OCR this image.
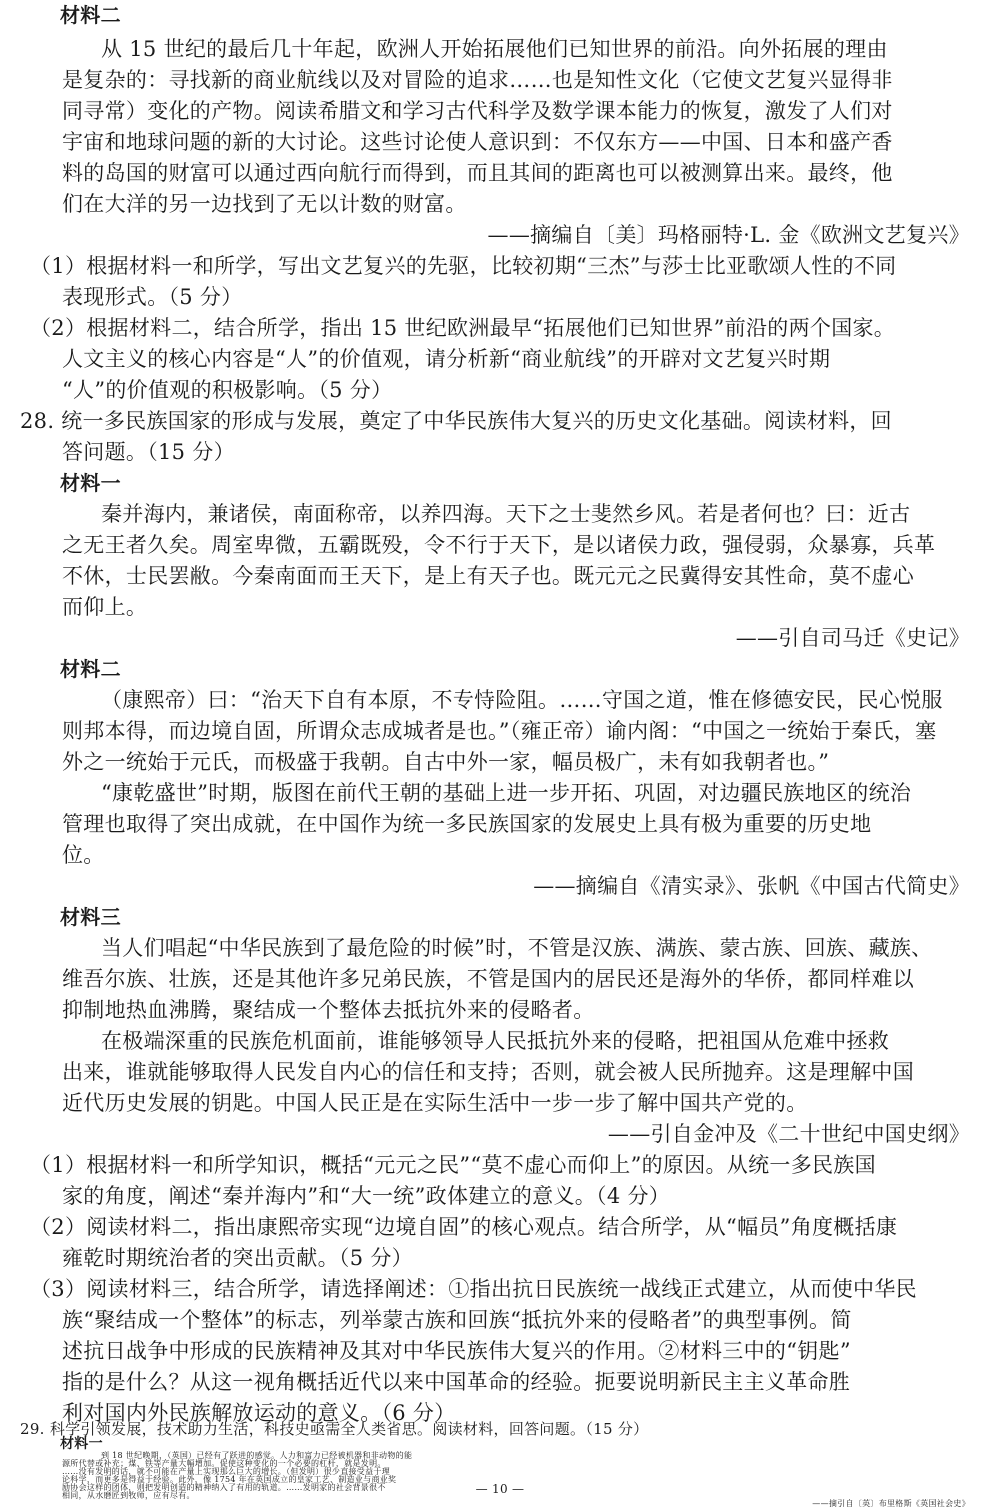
材料二
从 15 世纪的最后几十年起，欧洲人开始拓展他们已知世界的前沿。向外拓展的理由
是复杂的：寻找新的商业航线以及对冒险的追求……也是知性文化（它使文艺复兴显得非
同寻常）变化的产物。阅读希腊文和学习古代科学及数学课本能力的恢复，激发了人们对
宇宙和地球问题的新的大讨论。这些讨论使人意识到：不仅东方——中国、日本和盛产香
料的岛国的财富可以通过西向航行而得到，而且其间的距离也可以被测算出来。最终，他
们在大洋的另一边找到了无以计数的财富。
——摘编自〔美〕玛格丽特·L. 金《欧洲文艺复兴》
（1）根据材料一和所学，写出文艺复兴的先驱，比较初期“三杰”与莎士比亚歌颂人性的不同
表现形式。（5 分）
（2）根据材料二，结合所学，指出 15 世纪欧洲最早“拓展他们已知世界”前沿的两个国家。
人文主义的核心内容是“人”的价值观，请分析新“商业航线”的开辟对文艺复兴时期
“人”的价值观的积极影响。（5 分）
28. 统一多民族国家的形成与发展，奠定了中华民族伟大复兴的历史文化基础。阅读材料，回
答问题。（15 分）
材料一
秦并海内，兼诸侯，南面称帝，以养四海。天下之士斐然乡风。若是者何也？曰：近古
之无王者久矣。周室卑微，五霸既殁，令不行于天下，是以诸侯力政，强侵弱，众暴寡，兵革
不休，士民罢敝。今秦南面而王天下，是上有天子也。既元元之民冀得安其性命，莫不虚心
而仰上。
——引自司马迁《史记》
材料二
（康熙帝）曰：“治天下自有本原，不专恃险阻。……守国之道，惟在修德安民，民心悦服
则邦本得，而边境自固，所谓众志成城者是也。”（雍正帝）谕内阁：“中国之一统始于秦氏，塞
外之一统始于元氏，而极盛于我朝。自古中外一家，幅员极广，未有如我朝者也。”
“康乾盛世”时期，版图在前代王朝的基础上进一步开拓、巩固，对边疆民族地区的统治
管理也取得了突出成就，在中国作为统一多民族国家的发展史上具有极为重要的历史地
位。
——摘编自《清实录》、张帆《中国古代简史》
材料三
当人们唱起“中华民族到了最危险的时候”时，不管是汉族、满族、蒙古族、回族、藏族、
维吾尔族、壮族，还是其他许多兄弟民族，不管是国内的居民还是海外的华侨，都同样难以
抑制地热血沸腾，聚结成一个整体去抵抗外来的侵略者。
在极端深重的民族危机面前，谁能够领导人民抵抗外来的侵略，把祖国从危难中拯救
出来，谁就能够取得人民发自内心的信任和支持；否则，就会被人民所抛弃。这是理解中国
近代历史发展的钥匙。中国人民正是在实际生活中一步一步了解中国共产党的。
——引自金冲及《二十世纪中国史纲》
（1）根据材料一和所学知识，概括“元元之民”“莫不虚心而仰上”的原因。从统一多民族国
家的角度，阐述“秦并海内”和“大一统”政体建立的意义。（4 分）
（2）阅读材料二，指出康熙帝实现“边境自固”的核心观点。结合所学，从“幅员”角度概括康
雍乾时期统治者的突出贡献。（5 分）
（3）阅读材料三，结合所学，请选择阐述：①指出抗日民族统一战线正式建立，从而使中华民
族“聚结成一个整体”的标志，列举蒙古族和回族“抵抗外来的侵略者”的典型事例。简
述抗日战争中形成的民族精神及其对中华民族伟大复兴的作用。②材料三中的“钥匙”
指的是什么？从这一视角概括近代以来中国革命的经验。扼要说明新民主主义革命胜
利对国内外民族解放运动的意义。（6 分）
29. 科学引领发展，技术助力生活，科技史亟需全人类省思。阅读材料，回答问题。（15 分）
材料一
到 18 世纪晚期，（英国）已经有了跃进的感觉。人力和富力已经被机器和非动物的能
源所代替或补充；煤、铁等产量大幅增加。促使这种变化的一个必要的杠杆，就是发明。
……没有发明的话，就不可能在产量上实现那么巨大的增长。（但发明）很少直接受益于理
论科学，而更多是得益于经验。此外，像 1754 年在英国成立的皇家工艺、制造业与商业奖
励协会这样的团体，则把发明创造的精神纳入了有用的轨道。……发明家的社会背景很不
相同，从水磨匠到牧师，应有尽有。
——摘引自〔英〕布里格斯《英国社会史》
— 10 —
